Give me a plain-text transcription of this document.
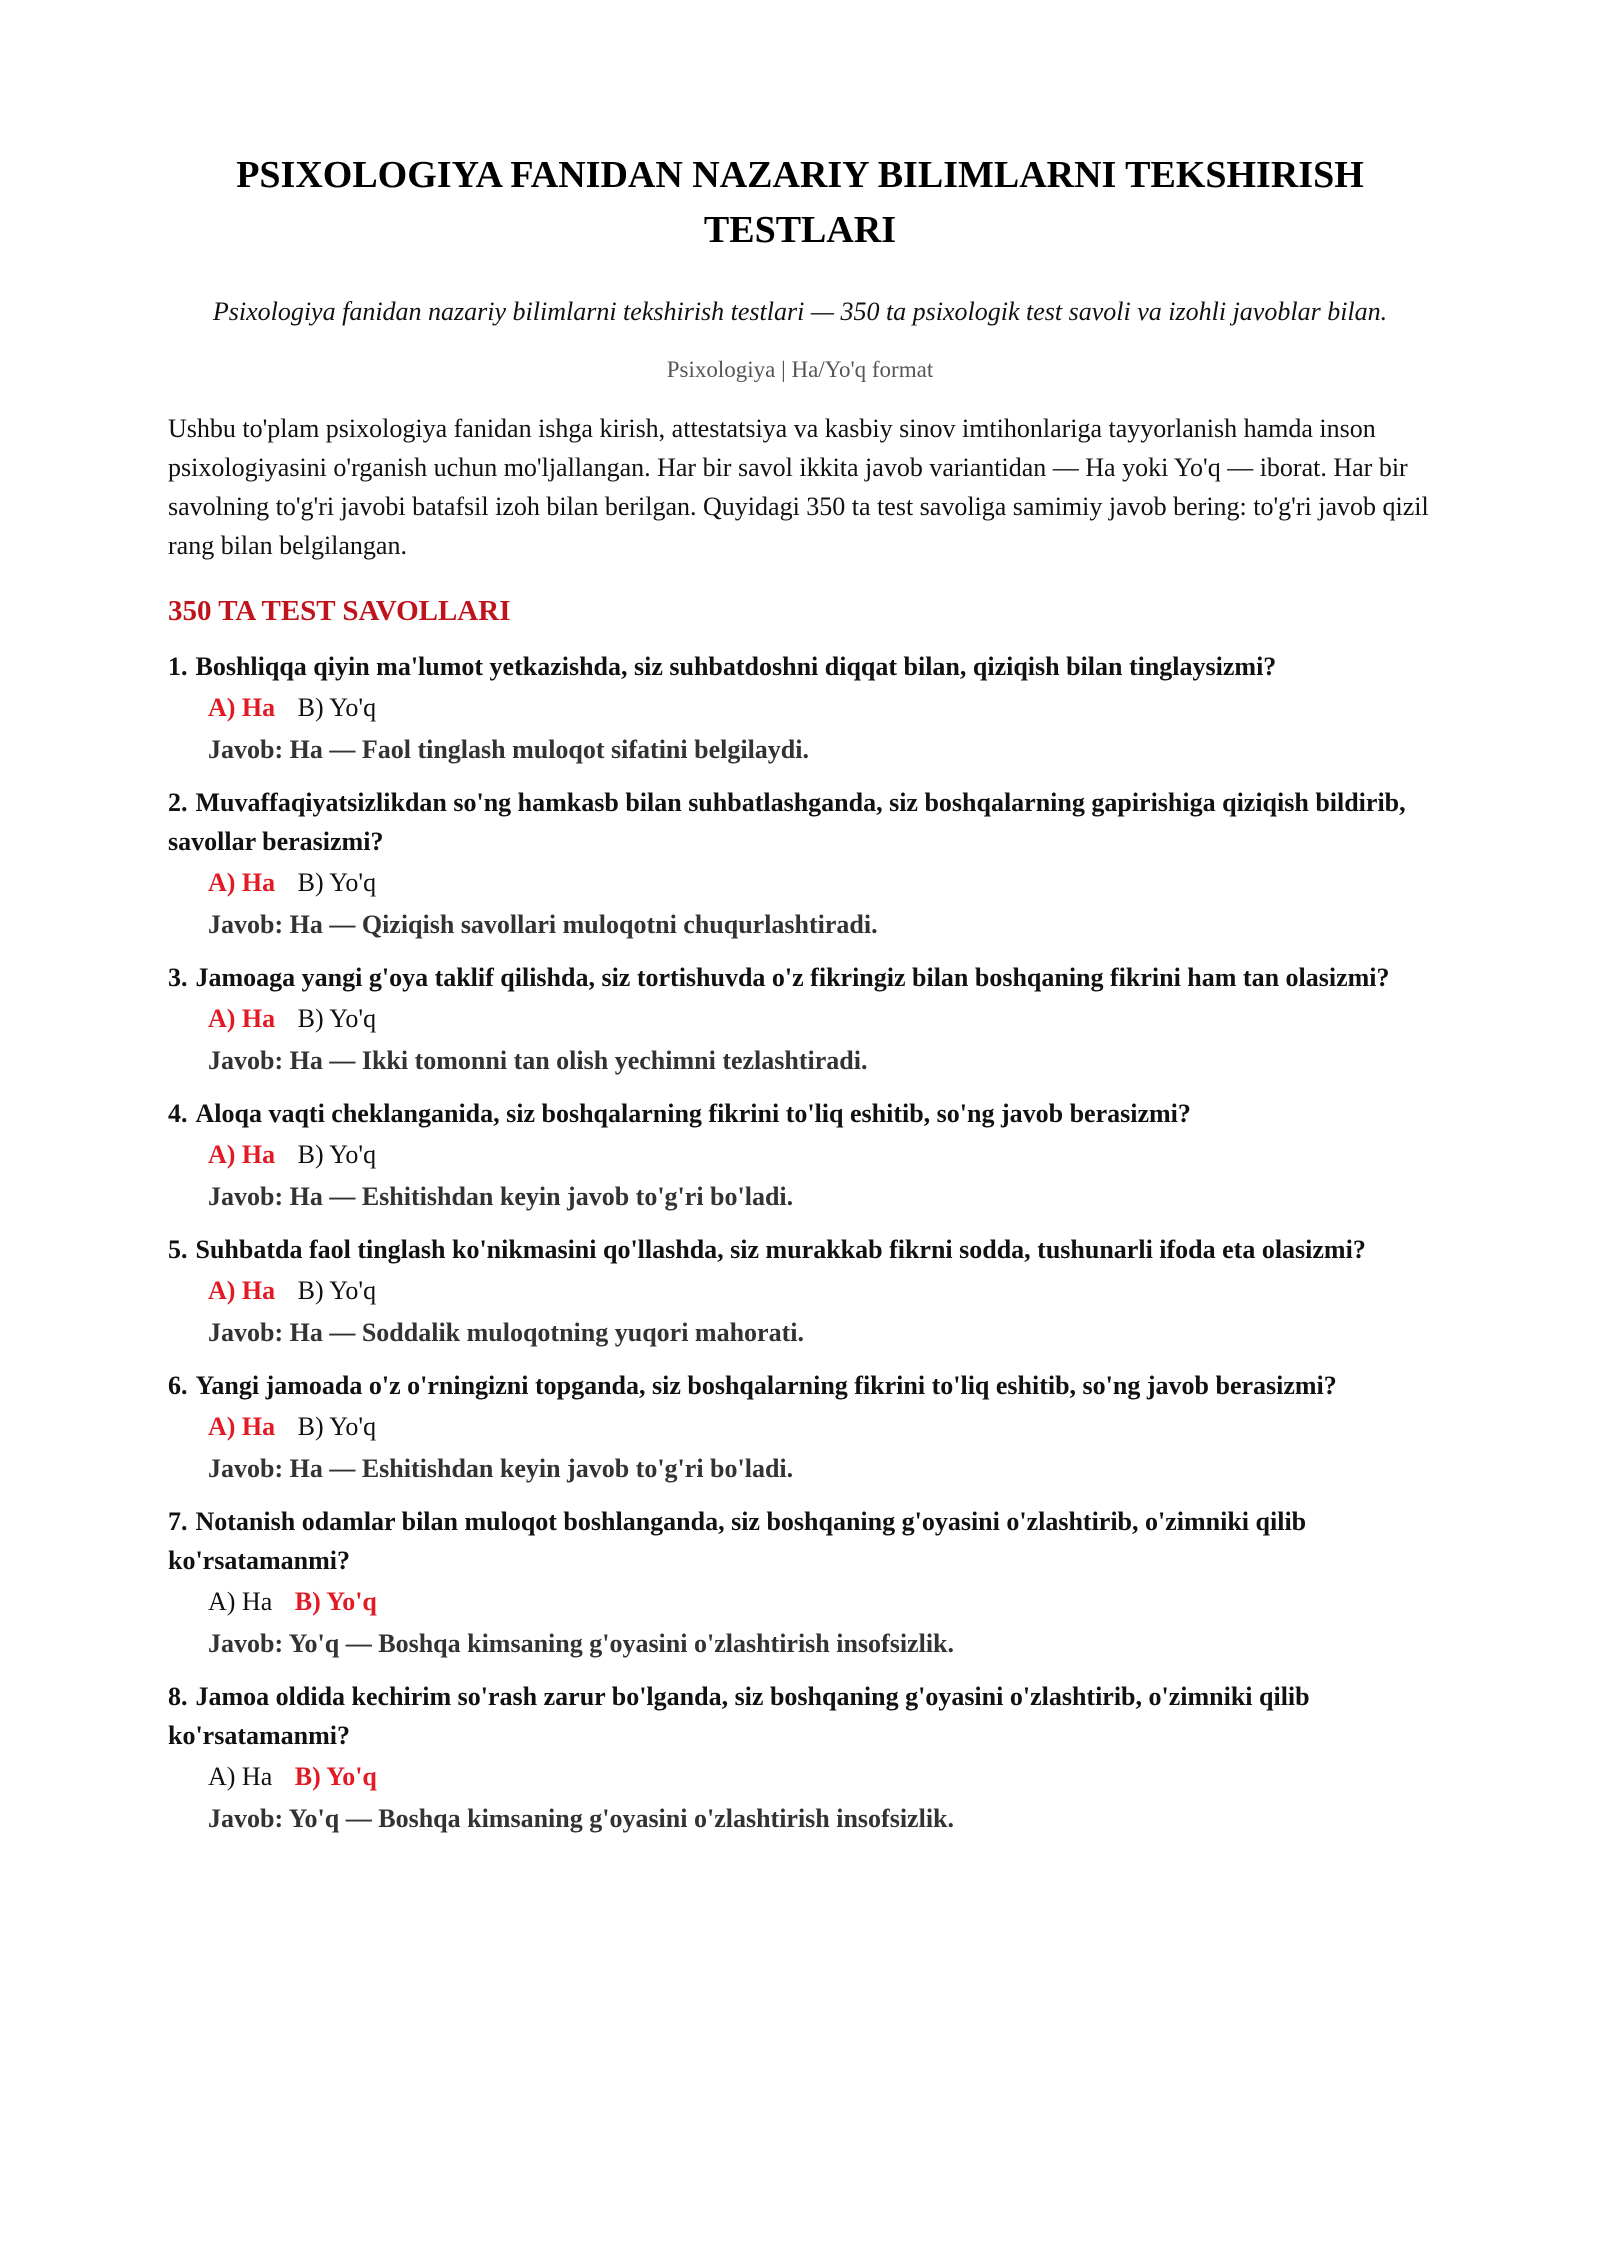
PSIXOLOGIYA FANIDAN NAZARIY BILIMLARNI TEKSHIRISH TESTLARI
Psixologiya fanidan nazariy bilimlarni tekshirish testlari — 350 ta psixologik test savoli va izohli javoblar bilan.
Psixologiya | Ha/Yo'q format
Ushbu to'plam psixologiya fanidan ishga kirish, attestatsiya va kasbiy sinov imtihonlariga tayyorlanish hamda inson psixologiyasini o'rganish uchun mo'ljallangan. Har bir savol ikkita javob variantidan — Ha yoki Yo'q — iborat. Har bir savolning to'g'ri javobi batafsil izoh bilan berilgan. Quyidagi 350 ta test savoliga samimiy javob bering: to'g'ri javob qizil rang bilan belgilangan.
350 TA TEST SAVOLLARI
1. Boshliqqa qiyin ma'lumot yetkazishda, siz suhbatdoshni diqqat bilan, qiziqish bilan tinglaysizmi?
A) Ha B) Yo'q
Javob: Ha — Faol tinglash muloqot sifatini belgilaydi.
2. Muvaffaqiyatsizlikdan so'ng hamkasb bilan suhbatlashganda, siz boshqalarning gapirishiga qiziqish bildirib, savollar berasizmi?
A) Ha B) Yo'q
Javob: Ha — Qiziqish savollari muloqotni chuqurlashtiradi.
3. Jamoaga yangi g'oya taklif qilishda, siz tortishuvda o'z fikringiz bilan boshqaning fikrini ham tan olasizmi?
A) Ha B) Yo'q
Javob: Ha — Ikki tomonni tan olish yechimni tezlashtiradi.
4. Aloqa vaqti cheklanganida, siz boshqalarning fikrini to'liq eshitib, so'ng javob berasizmi?
A) Ha B) Yo'q
Javob: Ha — Eshitishdan keyin javob to'g'ri bo'ladi.
5. Suhbatda faol tinglash ko'nikmasini qo'llashda, siz murakkab fikrni sodda, tushunarli ifoda eta olasizmi?
A) Ha B) Yo'q
Javob: Ha — Soddalik muloqotning yuqori mahorati.
6. Yangi jamoada o'z o'rningizni topganda, siz boshqalarning fikrini to'liq eshitib, so'ng javob berasizmi?
A) Ha B) Yo'q
Javob: Ha — Eshitishdan keyin javob to'g'ri bo'ladi.
7. Notanish odamlar bilan muloqot boshlanganda, siz boshqaning g'oyasini o'zlashtirib, o'zimniki qilib ko'rsatamanmi?
A) Ha B) Yo'q
Javob: Yo'q — Boshqa kimsaning g'oyasini o'zlashtirish insofsizlik.
8. Jamoa oldida kechirim so'rash zarur bo'lganda, siz boshqaning g'oyasini o'zlashtirib, o'zimniki qilib ko'rsatamanmi?
A) Ha B) Yo'q
Javob: Yo'q — Boshqa kimsaning g'oyasini o'zlashtirish insofsizlik.
